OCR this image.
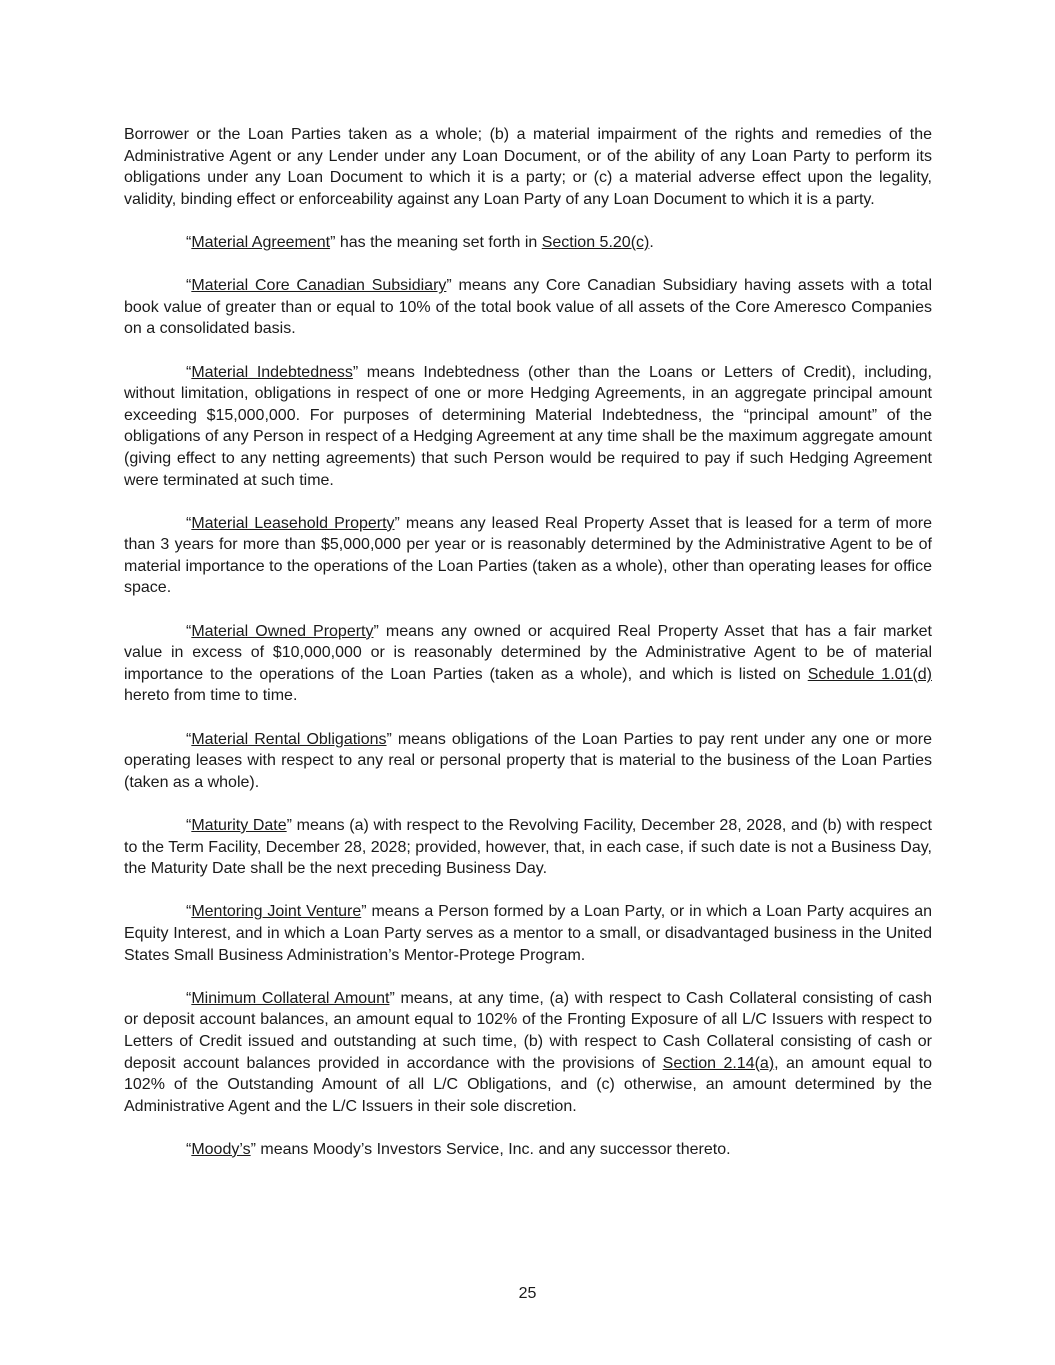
Borrower or the Loan Parties taken as a whole; (b) a material impairment of the rights and remedies of the Administrative Agent or any Lender under any Loan Document, or of the ability of any Loan Party to perform its obligations under any Loan Document to which it is a party; or (c) a material adverse effect upon the legality, validity, binding effect or enforceability against any Loan Party of any Loan Document to which it is a party.

“Material Agreement” has the meaning set forth in Section 5.20(c).

“Material Core Canadian Subsidiary” means any Core Canadian Subsidiary having assets with a total book value of greater than or equal to 10% of the total book value of all assets of the Core Ameresco Companies on a consolidated basis.

“Material Indebtedness” means Indebtedness (other than the Loans or Letters of Credit), including, without limitation, obligations in respect of one or more Hedging Agreements, in an aggregate principal amount exceeding $15,000,000. For purposes of determining Material Indebtedness, the “principal amount” of the obligations of any Person in respect of a Hedging Agreement at any time shall be the maximum aggregate amount (giving effect to any netting agreements) that such Person would be required to pay if such Hedging Agreement were terminated at such time.

“Material Leasehold Property” means any leased Real Property Asset that is leased for a term of more than 3 years for more than $5,000,000 per year or is reasonably determined by the Administrative Agent to be of material importance to the operations of the Loan Parties (taken as a whole), other than operating leases for office space.

“Material Owned Property” means any owned or acquired Real Property Asset that has a fair market value in excess of $10,000,000 or is reasonably determined by the Administrative Agent to be of material importance to the operations of the Loan Parties (taken as a whole), and which is listed on Schedule 1.01(d) hereto from time to time.

“Material Rental Obligations” means obligations of the Loan Parties to pay rent under any one or more operating leases with respect to any real or personal property that is material to the business of the Loan Parties (taken as a whole).

“Maturity Date” means (a) with respect to the Revolving Facility, December 28, 2028, and (b) with respect to the Term Facility, December 28, 2028; provided, however, that, in each case, if such date is not a Business Day, the Maturity Date shall be the next preceding Business Day.

“Mentoring Joint Venture” means a Person formed by a Loan Party, or in which a Loan Party acquires an Equity Interest, and in which a Loan Party serves as a mentor to a small, or disadvantaged business in the United States Small Business Administration’s Mentor-Protege Program.

“Minimum Collateral Amount” means, at any time, (a) with respect to Cash Collateral consisting of cash or deposit account balances, an amount equal to 102% of the Fronting Exposure of all L/C Issuers with respect to Letters of Credit issued and outstanding at such time, (b) with respect to Cash Collateral consisting of cash or deposit account balances provided in accordance with the provisions of Section 2.14(a), an amount equal to 102% of the Outstanding Amount of all L/C Obligations, and (c) otherwise, an amount determined by the Administrative Agent and the L/C Issuers in their sole discretion.

“Moody’s” means Moody’s Investors Service, Inc. and any successor thereto.

25
